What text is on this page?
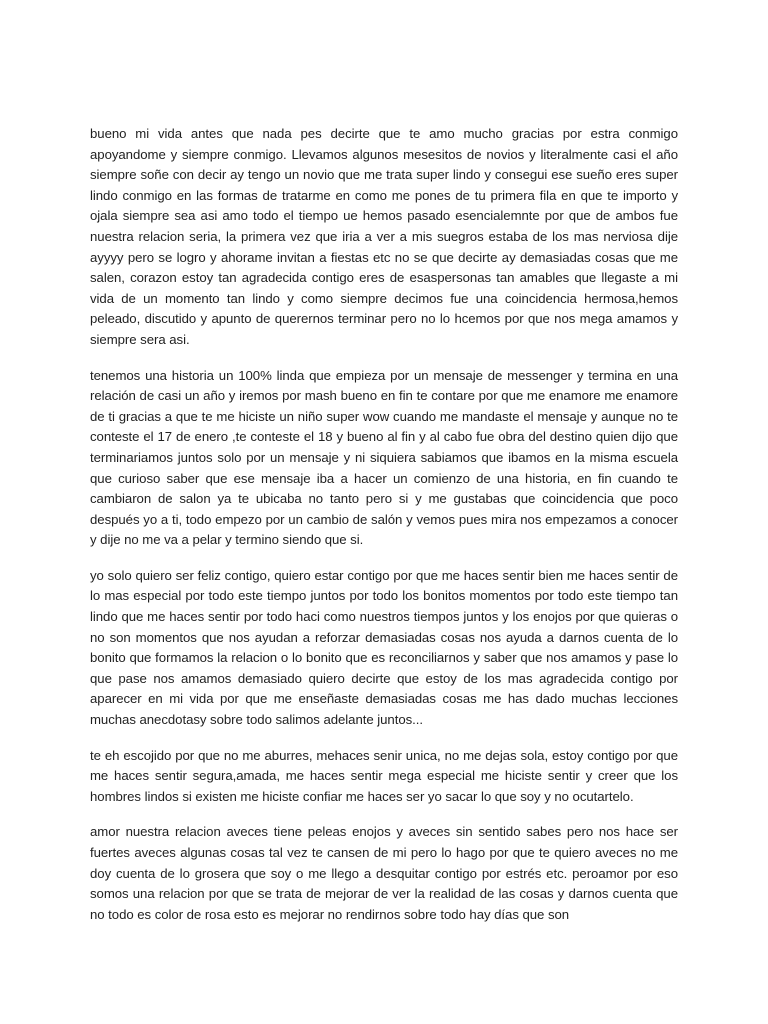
bueno mi vida antes que nada pes decirte que te amo mucho gracias por estra conmigo apoyandome y siempre conmigo. Llevamos algunos mesesitos de novios y literalmente casi el año siempre soñe con decir ay tengo un novio que me trata super lindo y consegui ese sueño eres super lindo conmigo en las formas de tratarme en como me pones de tu primera fila en que te importo y ojala siempre sea asi amo todo el tiempo ue hemos pasado esencialemnte por que de ambos fue nuestra relacion seria, la primera vez que iria a ver a mis suegros estaba de los mas nerviosa dije ayyyy pero se logro y ahorame invitan a fiestas etc no se que decirte ay demasiadas cosas que me salen, corazon estoy tan agradecida contigo eres de esaspersonas tan amables que llegaste a mi vida de un momento tan lindo y como siempre decimos fue una coincidencia hermosa,hemos peleado, discutido y apunto de querernos terminar pero no lo hcemos por que nos mega amamos y siempre sera asi.

tenemos una historia un 100% linda que empieza por un mensaje de messenger y termina en una relación de casi un año y iremos por mash bueno en fin te contare por que me enamore me enamore de ti gracias a que te me hiciste un niño super wow cuando me mandaste el mensaje y aunque no te conteste el 17 de enero ,te conteste el 18 y bueno al fin y al cabo fue obra del destino quien dijo que terminariamos juntos solo por un mensaje y ni siquiera sabiamos que ibamos en la misma escuela que curioso saber que ese mensaje iba a hacer un comienzo de una historia, en fin cuando te cambiaron de salon ya te ubicaba no tanto pero si y me gustabas que coincidencia que poco después yo a ti, todo empezo por un cambio de salón y vemos pues mira nos empezamos a conocer y dije no me va a pelar y termino siendo que si.

yo solo quiero ser feliz contigo, quiero estar contigo por que me haces sentir bien me haces sentir de lo mas especial por todo este tiempo juntos por todo los bonitos momentos por todo este tiempo tan lindo que me haces sentir por todo haci como nuestros tiempos juntos y los enojos por que quieras o no son momentos que nos ayudan a reforzar demasiadas cosas nos ayuda a darnos cuenta de lo bonito que formamos la relacion o lo bonito que es reconciliarnos y saber que nos amamos y pase lo que pase nos amamos demasiado quiero decirte que estoy de los mas agradecida contigo por aparecer en mi vida por que me enseñaste demasiadas cosas me has dado muchas lecciones muchas anecdotasy sobre todo salimos adelante juntos...

te eh escojido por que no me aburres, mehaces senir unica, no me dejas sola, estoy contigo por que me haces sentir segura,amada, me haces sentir mega especial me hiciste sentir y creer que los hombres lindos si existen me hiciste confiar me haces ser yo sacar lo que soy y no ocutartelo.

amor nuestra relacion aveces tiene peleas enojos y aveces sin sentido sabes pero nos hace ser fuertes aveces algunas cosas tal vez te cansen de mi pero lo hago por que te quiero aveces no me doy cuenta de lo grosera que soy o me llego a desquitar contigo por estrés etc. peroamor por eso somos una relacion por que se trata de mejorar de ver la realidad de las cosas y darnos cuenta que no todo es color de rosa esto es mejorar no rendirnos sobre todo hay días que son
